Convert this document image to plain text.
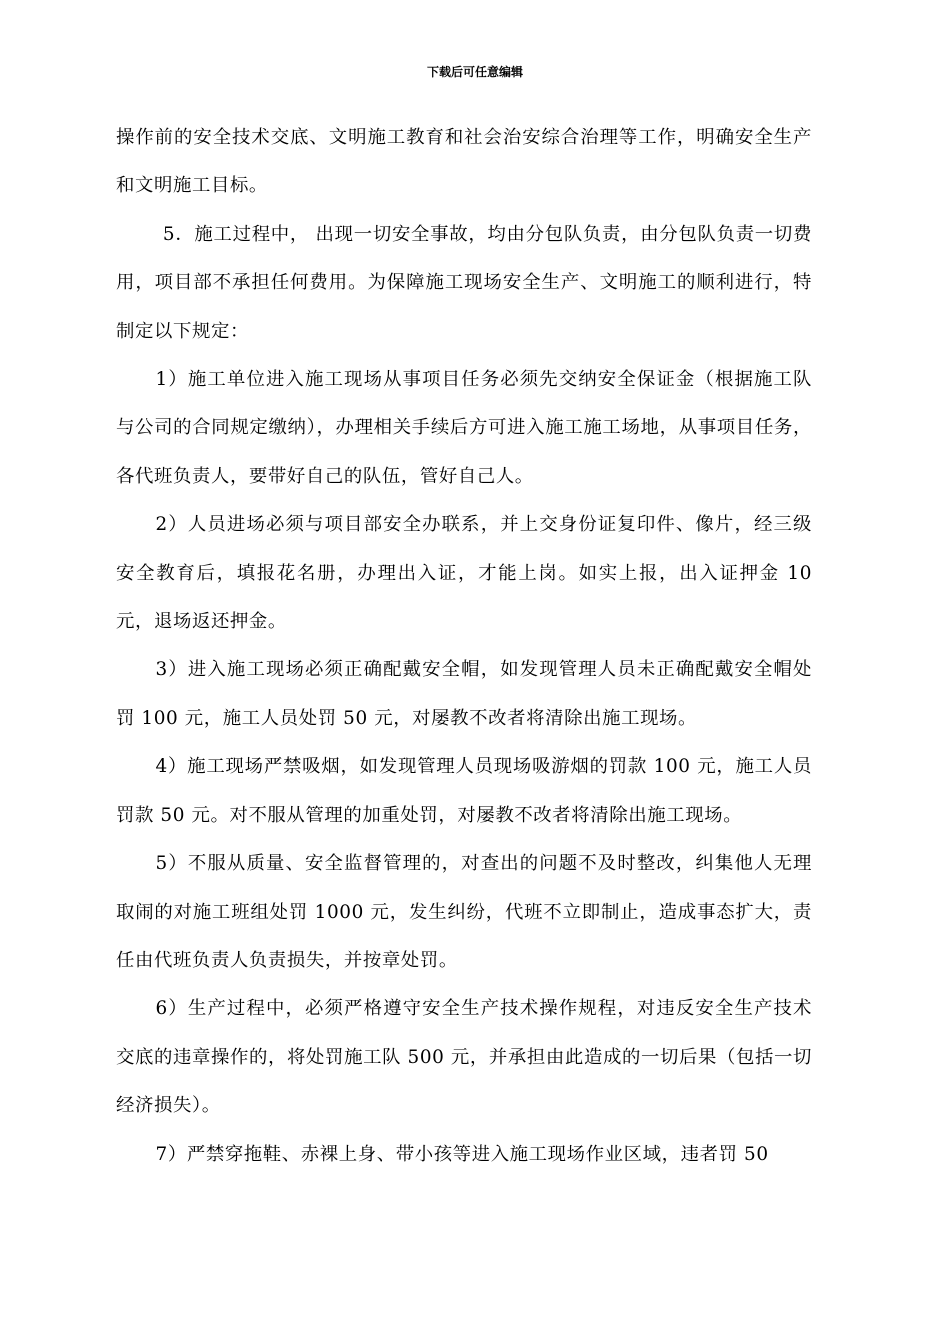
下载后可任意编辑

操作前的安全技术交底、文明施工教育和社会治安综合治理等工作，明确安全生产和文明施工目标。

5．施工过程中， 出现一切安全事故，均由分包队负责，由分包队负责一切费用，项目部不承担任何费用。为保障施工现场安全生产、文明施工的顺利进行，特制定以下规定：

1）施工单位进入施工现场从事项目任务必须先交纳安全保证金（根据施工队与公司的合同规定缴纳），办理相关手续后方可进入施工施工场地，从事项目任务，各代班负责人，要带好自己的队伍，管好自己人。

2）人员进场必须与项目部安全办联系，并上交身份证复印件、像片，经三级安全教育后，填报花名册，办理出入证，才能上岗。如实上报，出入证押金 10 元，退场返还押金。

3）进入施工现场必须正确配戴安全帽，如发现管理人员未正确配戴安全帽处罚 100 元，施工人员处罚 50 元，对屡教不改者将清除出施工现场。

4）施工现场严禁吸烟，如发现管理人员现场吸游烟的罚款 100 元，施工人员罚款 50 元。对不服从管理的加重处罚，对屡教不改者将清除出施工现场。

5）不服从质量、安全监督管理的，对查出的问题不及时整改，纠集他人无理取闹的对施工班组处罚 1000 元，发生纠纷，代班不立即制止，造成事态扩大，责任由代班负责人负责损失，并按章处罚。

6）生产过程中，必须严格遵守安全生产技术操作规程，对违反安全生产技术交底的违章操作的，将处罚施工队 500 元，并承担由此造成的一切后果（包括一切经济损失）。

7）严禁穿拖鞋、赤裸上身、带小孩等进入施工现场作业区域，违者罚 50
